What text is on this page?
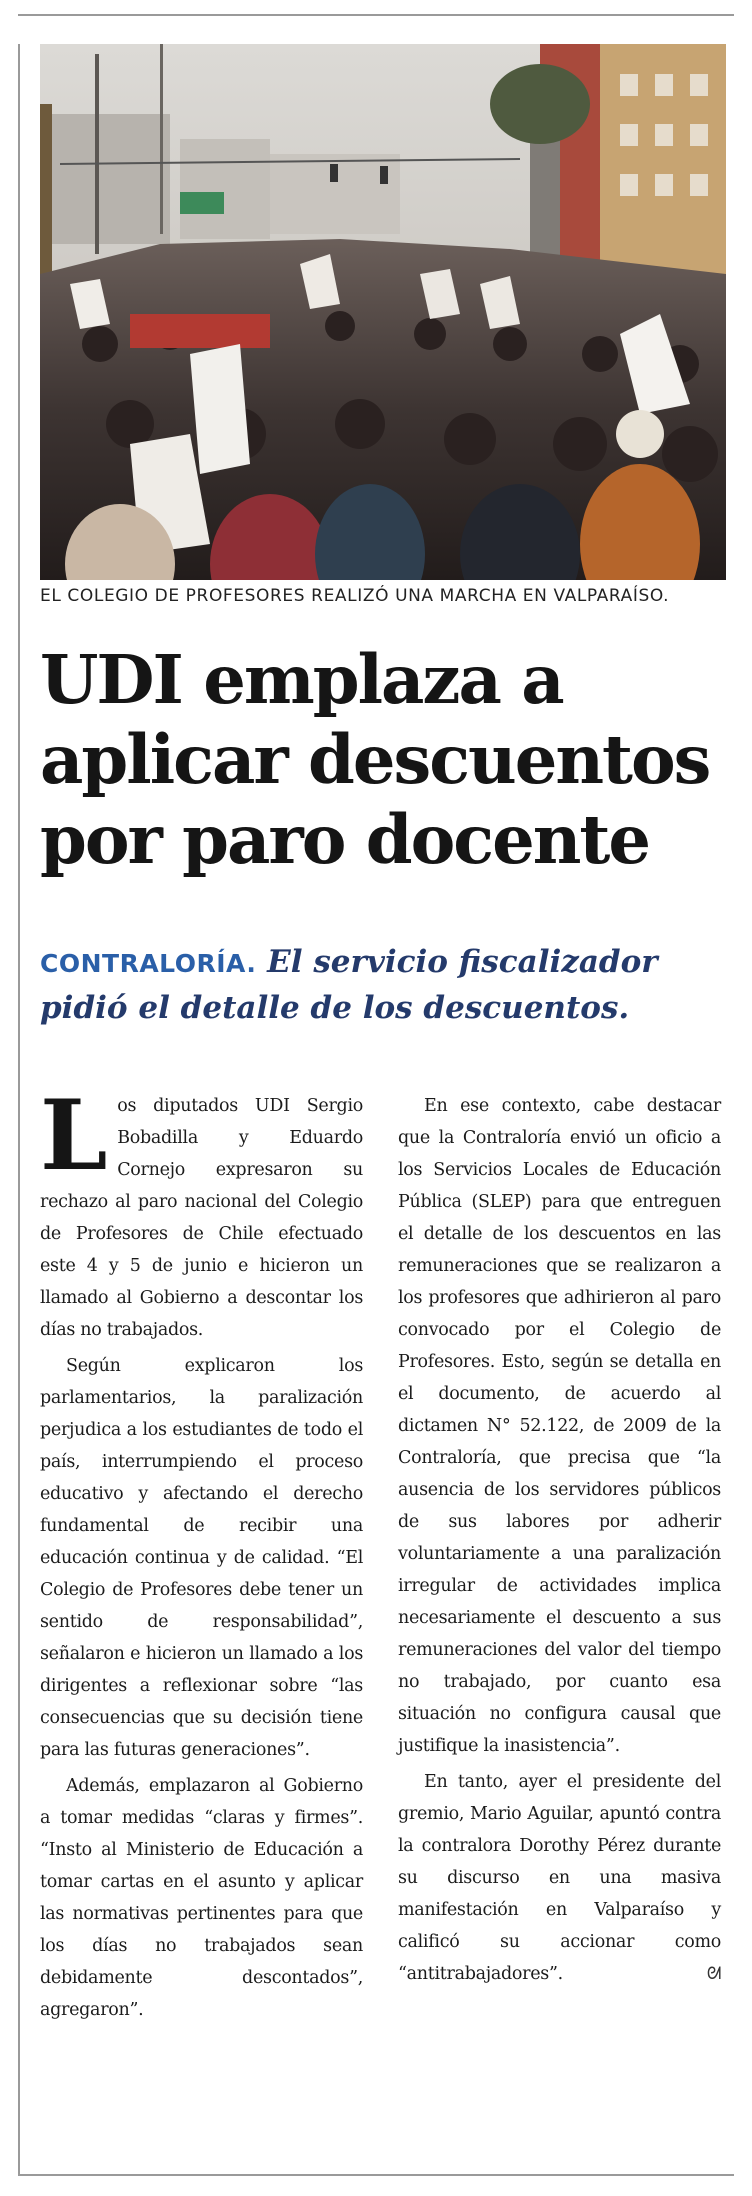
EL COLEGIO DE PROFESORES REALIZÓ UNA MARCHA EN VALPARAÍSO.
UDI emplaza a
aplicar descuentos
por paro docente
CONTRALORÍA. El servicio fiscalizador pidió el detalle de los descuentos.

Los diputados UDI Sergio Bobadilla y Eduardo Cornejo expresaron su rechazo al paro nacional del Colegio de Profesores de Chile efectuado este 4 y 5 de junio e hicieron un llamado al Gobierno a descontar los días no trabajados.

Según explicaron los parlamentarios, la paralización perjudica a los estudiantes de todo el país, interrumpiendo el proceso educativo y afectando el derecho fundamental de recibir una educación continua y de calidad. “El Colegio de Profesores debe tener un sentido de responsabilidad”, señalaron e hicieron un llamado a los dirigentes a reflexionar sobre “las consecuencias que su decisión tiene para las futuras generaciones”.

Además, emplazaron al Gobierno a tomar medidas “claras y firmes”. “Insto al Ministerio de Educación a tomar cartas en el asunto y aplicar las normativas pertinentes para que los días no trabajados sean debidamente descontados”, agregaron”.

En ese contexto, cabe destacar que la Contraloría envió un oficio a los Servicios Locales de Educación Pública (SLEP) para que entreguen el detalle de los descuentos en las remuneraciones que se realizaron a los profesores que adhirieron al paro convocado por el Colegio de Profesores. Esto, según se detalla en el documento, de acuerdo al dictamen N° 52.122, de 2009 de la Contraloría, que precisa que “la ausencia de los servidores públicos de sus labores por adherir voluntariamente a una paralización irregular de actividades implica necesariamente el descuento a sus remuneraciones del valor del tiempo no trabajado, por cuanto esa situación no configura causal que justifique la inasistencia”.

En tanto, ayer el presidente del gremio, Mario Aguilar, apuntó contra la contralora Dorothy Pérez durante su discurso en una masiva manifestación en Valparaíso y calificó su accionar como “antitrabajadores”.	ᘛ
